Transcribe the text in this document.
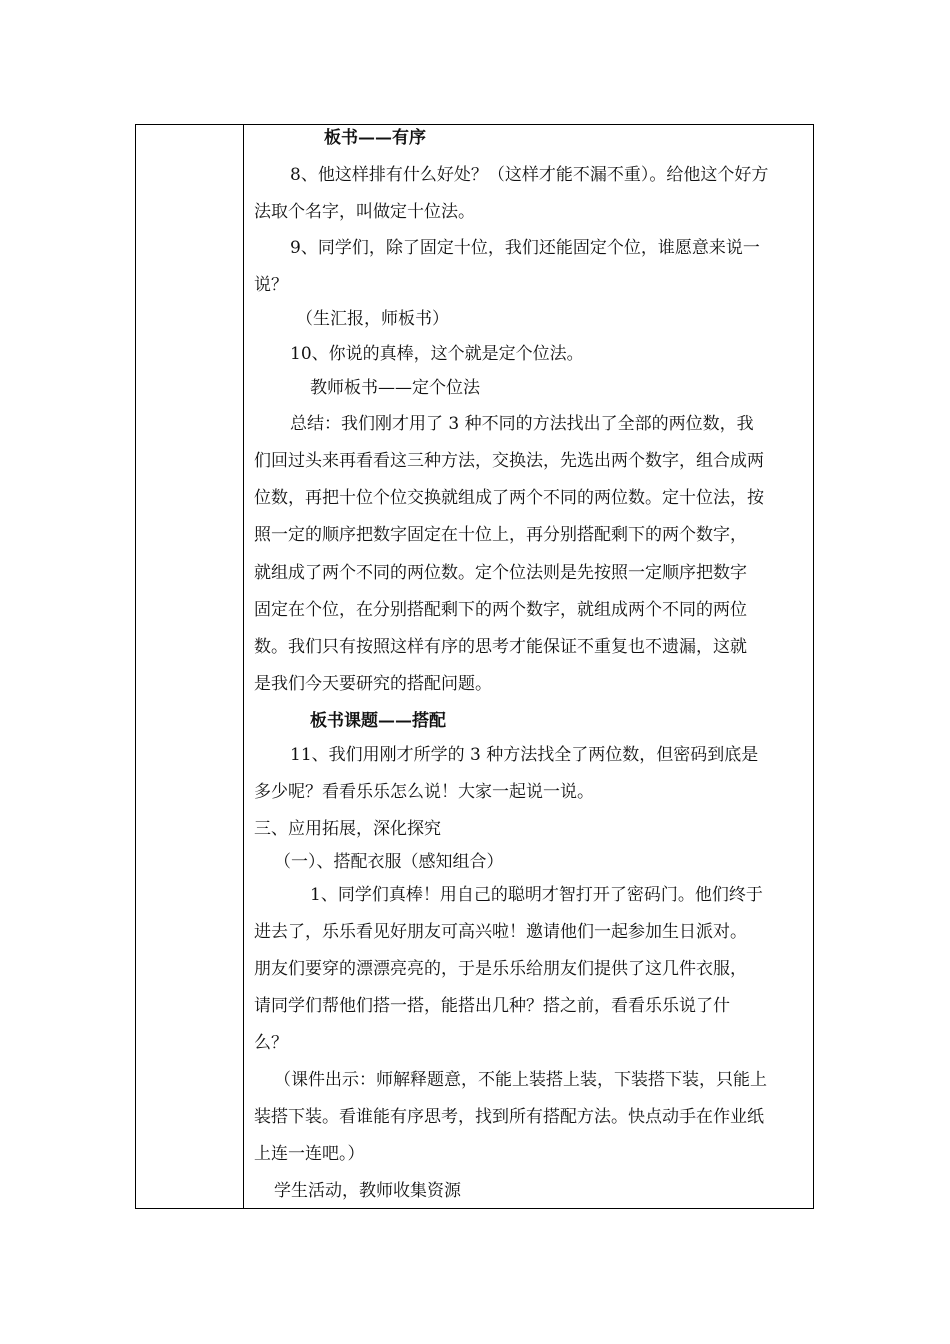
板书——有序
8、他这样排有什么好处？（这样才能不漏不重）。给他这个好方
法取个名字，叫做定十位法。
9、同学们，除了固定十位，我们还能固定个位，谁愿意来说一
说？
（生汇报，师板书）
10、你说的真棒，这个就是定个位法。
教师板书——定个位法
总结：我们刚才用了 3 种不同的方法找出了全部的两位数，我
们回过头来再看看这三种方法，交换法，先选出两个数字，组合成两
位数，再把十位个位交换就组成了两个不同的两位数。定十位法，按
照一定的顺序把数字固定在十位上，再分别搭配剩下的两个数字，
就组成了两个不同的两位数。定个位法则是先按照一定顺序把数字
固定在个位，在分别搭配剩下的两个数字，就组成两个不同的两位
数。我们只有按照这样有序的思考才能保证不重复也不遗漏，这就
是我们今天要研究的搭配问题。
板书课题——搭配
11、我们用刚才所学的 3 种方法找全了两位数，但密码到底是
多少呢？看看乐乐怎么说！大家一起说一说。
三、应用拓展，深化探究
（一）、搭配衣服（感知组合）
1、同学们真棒！用自己的聪明才智打开了密码门。他们终于
进去了，乐乐看见好朋友可高兴啦！邀请他们一起参加生日派对。
朋友们要穿的漂漂亮亮的，于是乐乐给朋友们提供了这几件衣服，
请同学们帮他们搭一搭，能搭出几种？搭之前，看看乐乐说了什
么？
（课件出示：师解释题意，不能上装搭上装，下装搭下装，只能上
装搭下装。看谁能有序思考，找到所有搭配方法。快点动手在作业纸
上连一连吧。）
学生活动，教师收集资源
